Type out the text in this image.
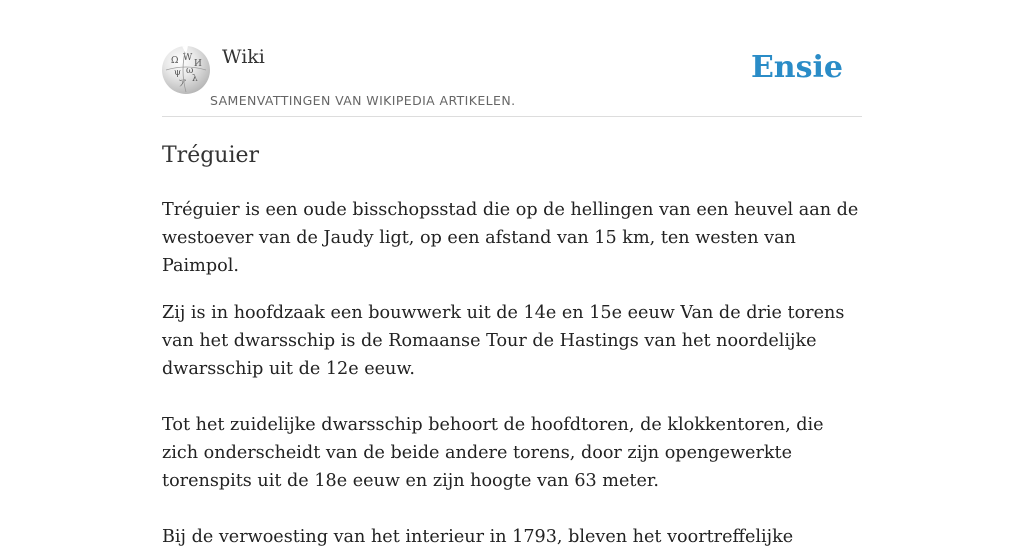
Ω W
И
ψ ω
ア λ
Wiki
SAMENVATTINGEN VAN WIKIPEDIA ARTIKELEN.
Ensie
Tréguier

Tréguier is een oude bisschopsstad die op de hellingen van een heuvel aan de westoever van de Jaudy ligt, op een afstand van 15 km, ten westen van Paimpol.

Zij is in hoofdzaak een bouwwerk uit de 14e en 15e eeuw Van de drie torens van het dwarsschip is de Romaanse Tour de Hastings van het noordelijke dwarsschip uit de 12e eeuw.

Tot het zuidelijke dwarsschip behoort de hoofdtoren, de klokkentoren, die zich onderscheidt van de beide andere torens, door zijn opengewerkte torenspits uit de 18e eeuw en zijn hoogte van 63 meter.

Bij de verwoesting van het interieur in 1793, bleven het voortreffelijke
